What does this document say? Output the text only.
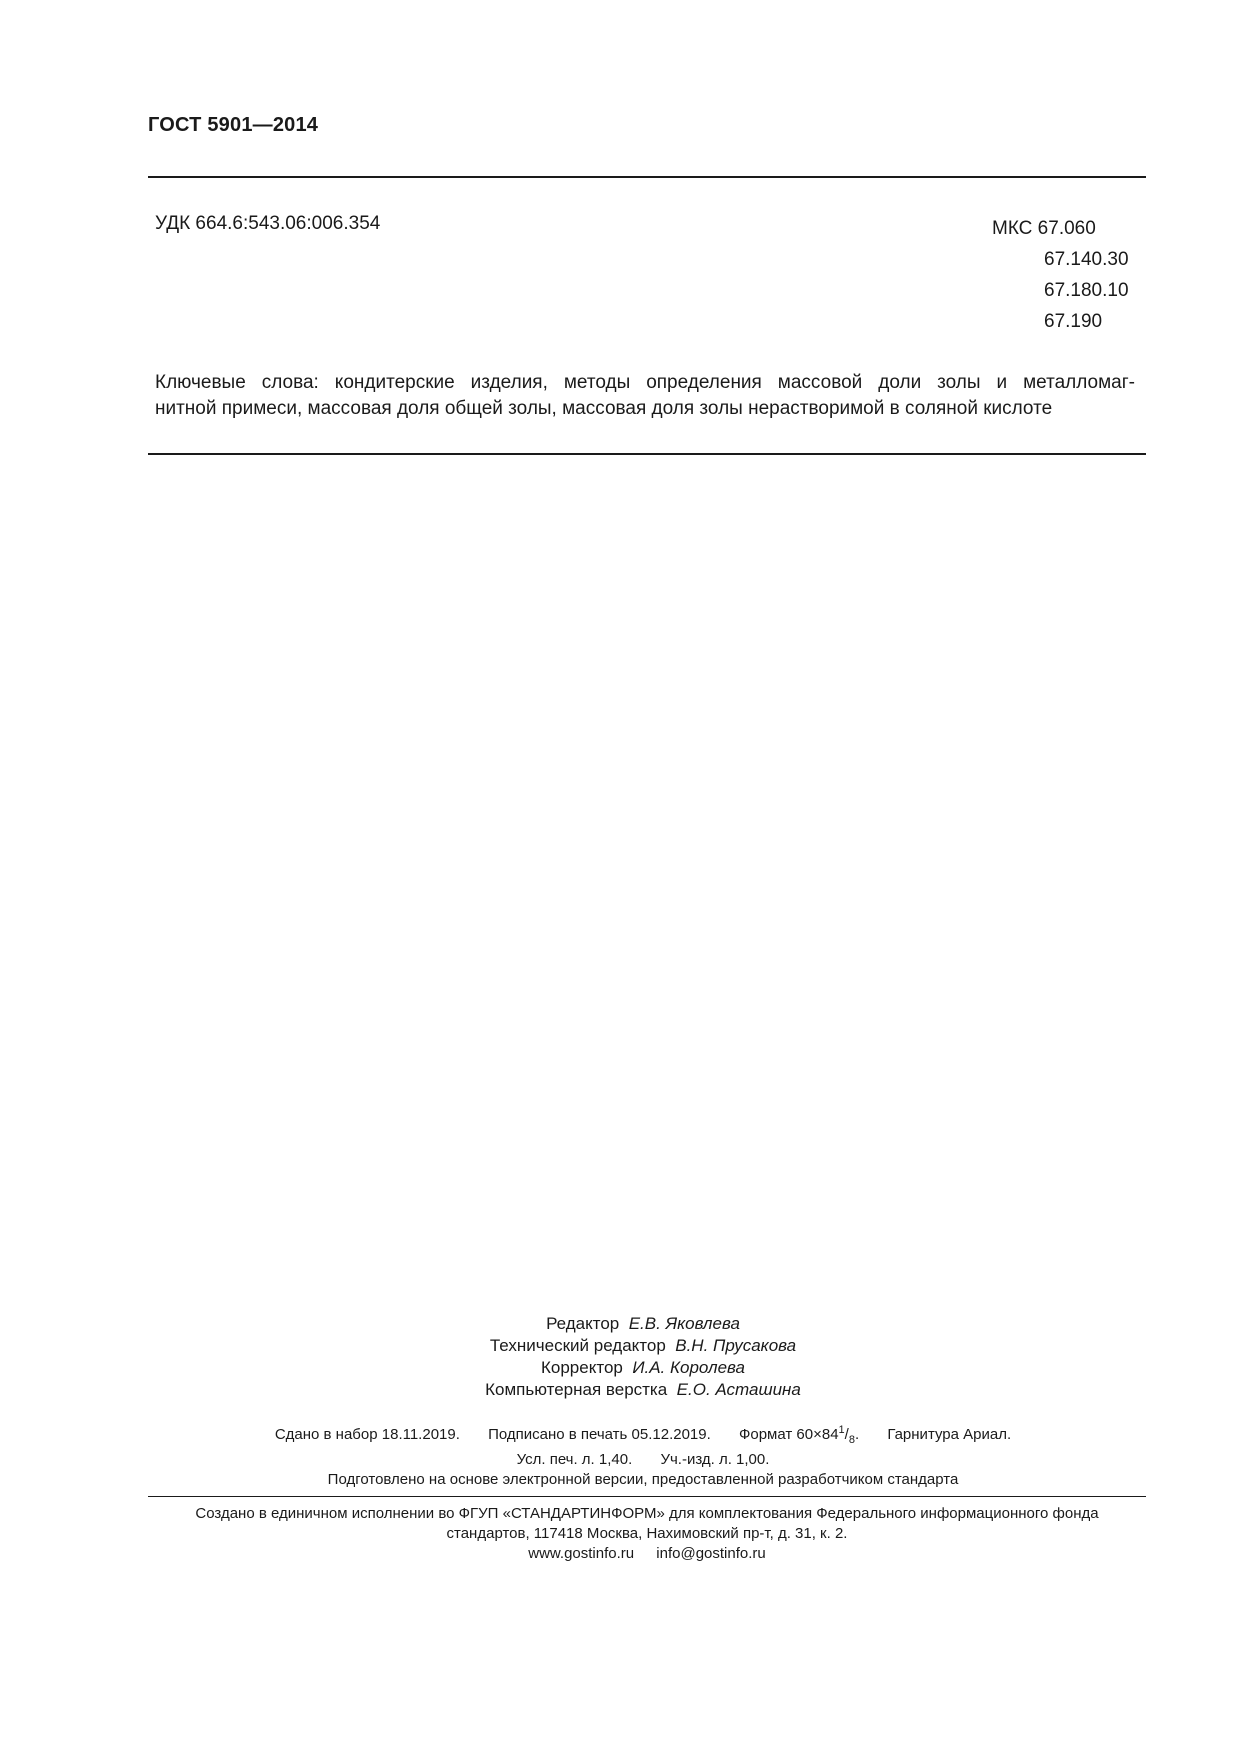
ГОСТ 5901—2014
УДК 664.6:543.06:006.354	МКС 67.060
67.140.30
67.180.10
67.190
Ключевые слова: кондитерские изделия, методы определения массовой доли золы и металломаг-
нитной примеси, массовая доля общей золы, массовая доля золы нерастворимой в соляной кислоте
Редактор Е.В. Яковлева
Технический редактор В.Н. Прусакова
Корректор И.А. Королева
Компьютерная верстка Е.О. Асташина
Сдано в набор 18.11.2019. Подписано в печать 05.12.2019. Формат $60\times 84^1/_8$. Гарнитура Ариал.
Усл. печ. л. 1,40. Уч.-изд. л. 1,00.
Подготовлено на основе электронной версии, предоставленной разработчиком стандарта
Создано в единичном исполнении во ФГУП «СТАНДАРТИНФОРМ» для комплектования Федерального информационного фонда
стандартов, 117418 Москва, Нахимовский пр-т, д. 31, к. 2.
www.gostinfo.ru info@gostinfo.ru
